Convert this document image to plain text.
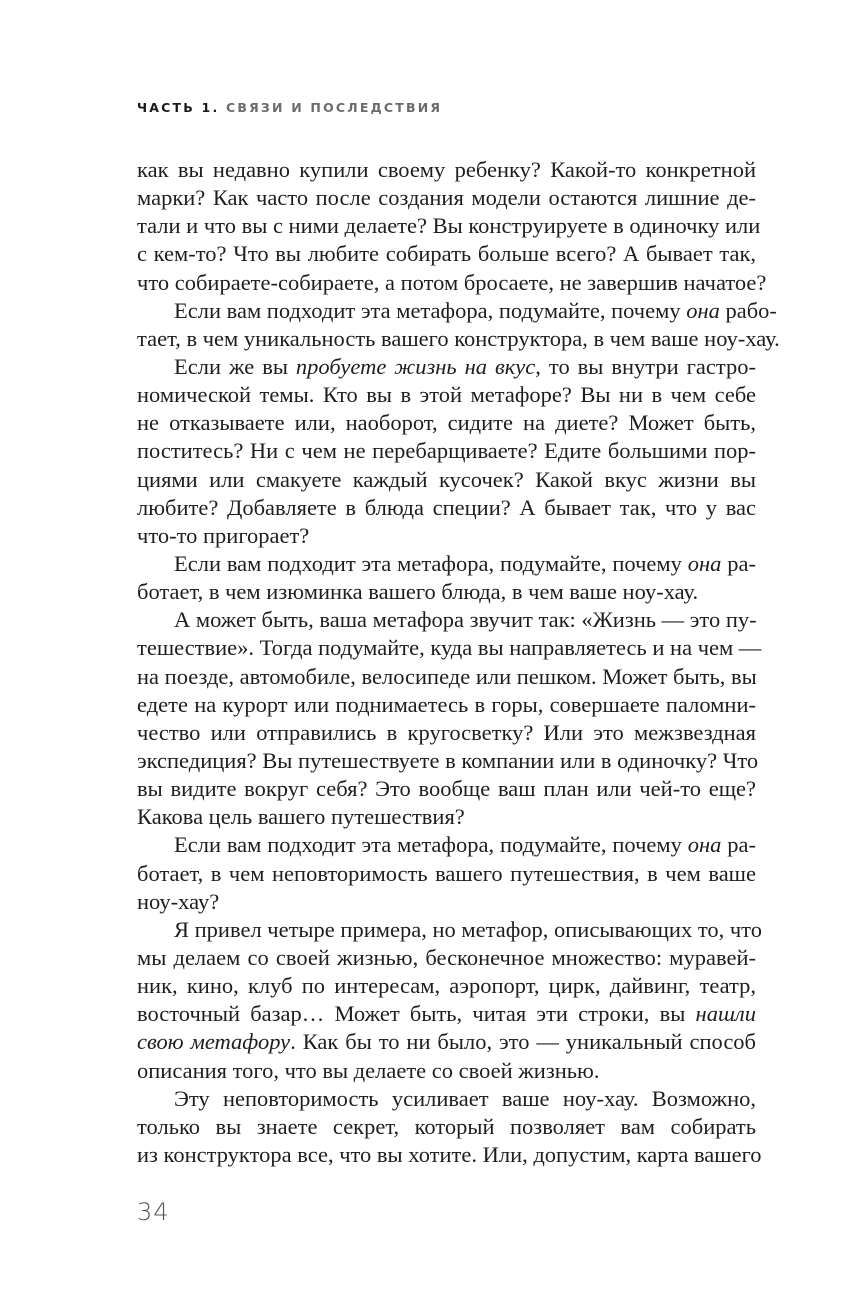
ЧАСТЬ 1. СВЯЗИ И ПОСЛЕДСТВИЯ
как вы недавно купили своему ребенку? Какой-то конкретной
марки? Как часто после создания модели остаются лишние де-
тали и что вы с ними делаете? Вы конструируете в одиночку или
с кем-то? Что вы любите собирать больше всего? А бывает так,
что собираете-собираете, а потом бросаете, не завершив начатое?
Если вам подходит эта метафора, подумайте, почему она рабо-
тает, в чем уникальность вашего конструктора, в чем ваше ноу-хау.
Если же вы пробуете жизнь на вкус, то вы внутри гастро-
номической темы. Кто вы в этой метафоре? Вы ни в чем себе
не отказываете или, наоборот, сидите на диете? Может быть,
поститесь? Ни с чем не перебарщиваете? Едите большими пор-
циями или смакуете каждый кусочек? Какой вкус жизни вы
любите? Добавляете в блюда специи? А бывает так, что у вас
что-то пригорает?
Если вам подходит эта метафора, подумайте, почему она ра-
ботает, в чем изюминка вашего блюда, в чем ваше ноу-хау.
А может быть, ваша метафора звучит так: «Жизнь — это пу-
тешествие». Тогда подумайте, куда вы направляетесь и на чем —
на поезде, автомобиле, велосипеде или пешком. Может быть, вы
едете на курорт или поднимаетесь в горы, совершаете паломни-
чество или отправились в кругосветку? Или это межзвездная
экспедиция? Вы путешествуете в компании или в одиночку? Что
вы видите вокруг себя? Это вообще ваш план или чей-то еще?
Какова цель вашего путешествия?
Если вам подходит эта метафора, подумайте, почему она ра-
ботает, в чем неповторимость вашего путешествия, в чем ваше
ноу-хау?
Я привел четыре примера, но метафор, описывающих то, что
мы делаем со своей жизнью, бесконечное множество: муравей-
ник, кино, клуб по интересам, аэропорт, цирк, дайвинг, театр,
восточный базар… Может быть, читая эти строки, вы нашли
свою метафору. Как бы то ни было, это — уникальный способ
описания того, что вы делаете со своей жизнью.
Эту неповторимость усиливает ваше ноу-хау. Возможно,
только вы знаете секрет, который позволяет вам собирать
из конструктора все, что вы хотите. Или, допустим, карта вашего
34
